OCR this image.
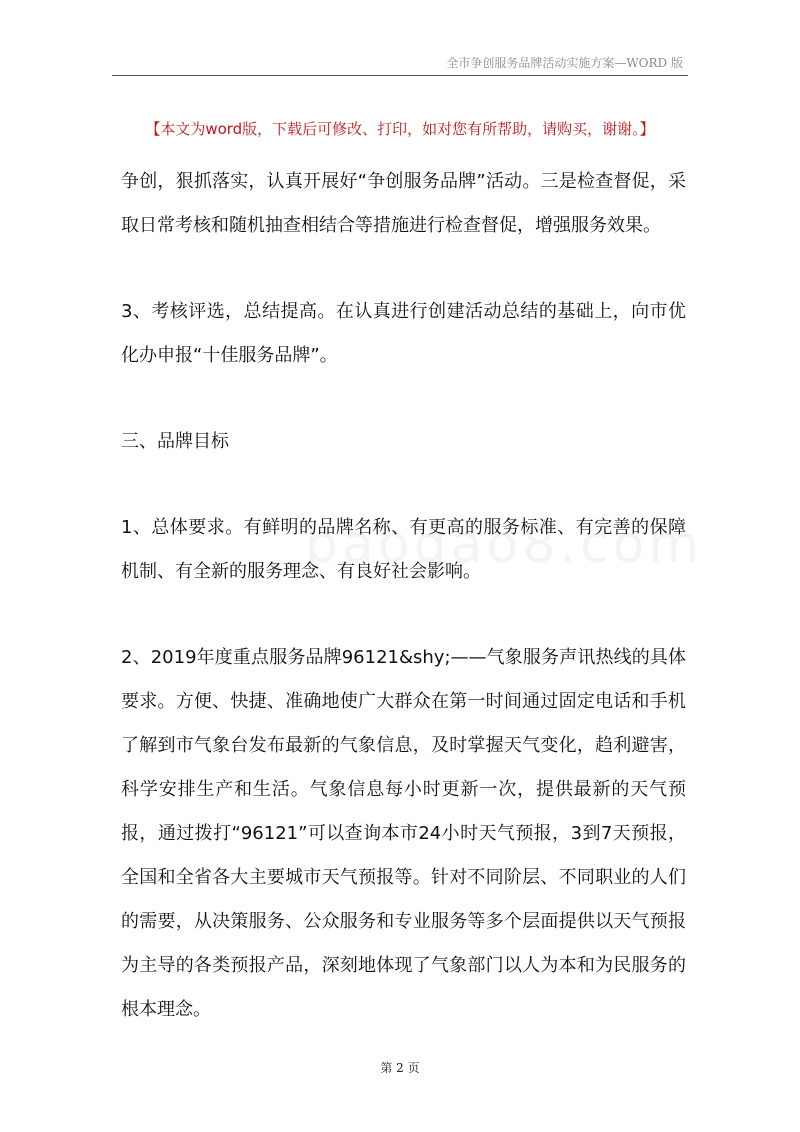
全市争创服务品牌活动实施方案—WORD 版
【本文为word版，下载后可修改、打印，如对您有所帮助，请购买，谢谢。】

争创，狠抓落实，认真开展好“争创服务品牌”活动。三是检查督促，采取日常考核和随机抽查相结合等措施进行检查督促，增强服务效果。

3、考核评选，总结提高。在认真进行创建活动总结的基础上，向市优化办申报“十佳服务品牌”。

三、品牌目标

1、总体要求。有鲜明的品牌名称、有更高的服务标准、有完善的保障机制、有全新的服务理念、有良好社会影响。

2、2019年度重点服务品牌96121&shy;——气象服务声讯热线的具体要求。方便、快捷、准确地使广大群众在第一时间通过固定电话和手机了解到市气象台发布最新的气象信息，及时掌握天气变化，趋利避害，科学安排生产和生活。气象信息每小时更新一次，提供最新的天气预报，通过拨打“96121”可以查询本市24小时天气预报，3到7天预报，全国和全省各大主要城市天气预报等。针对不同阶层、不同职业的人们的需要，从决策服务、公众服务和专业服务等多个层面提供以天气预报为主导的各类预报产品，深刻地体现了气象部门以人为本和为民服务的根本理念。

第 2 页
